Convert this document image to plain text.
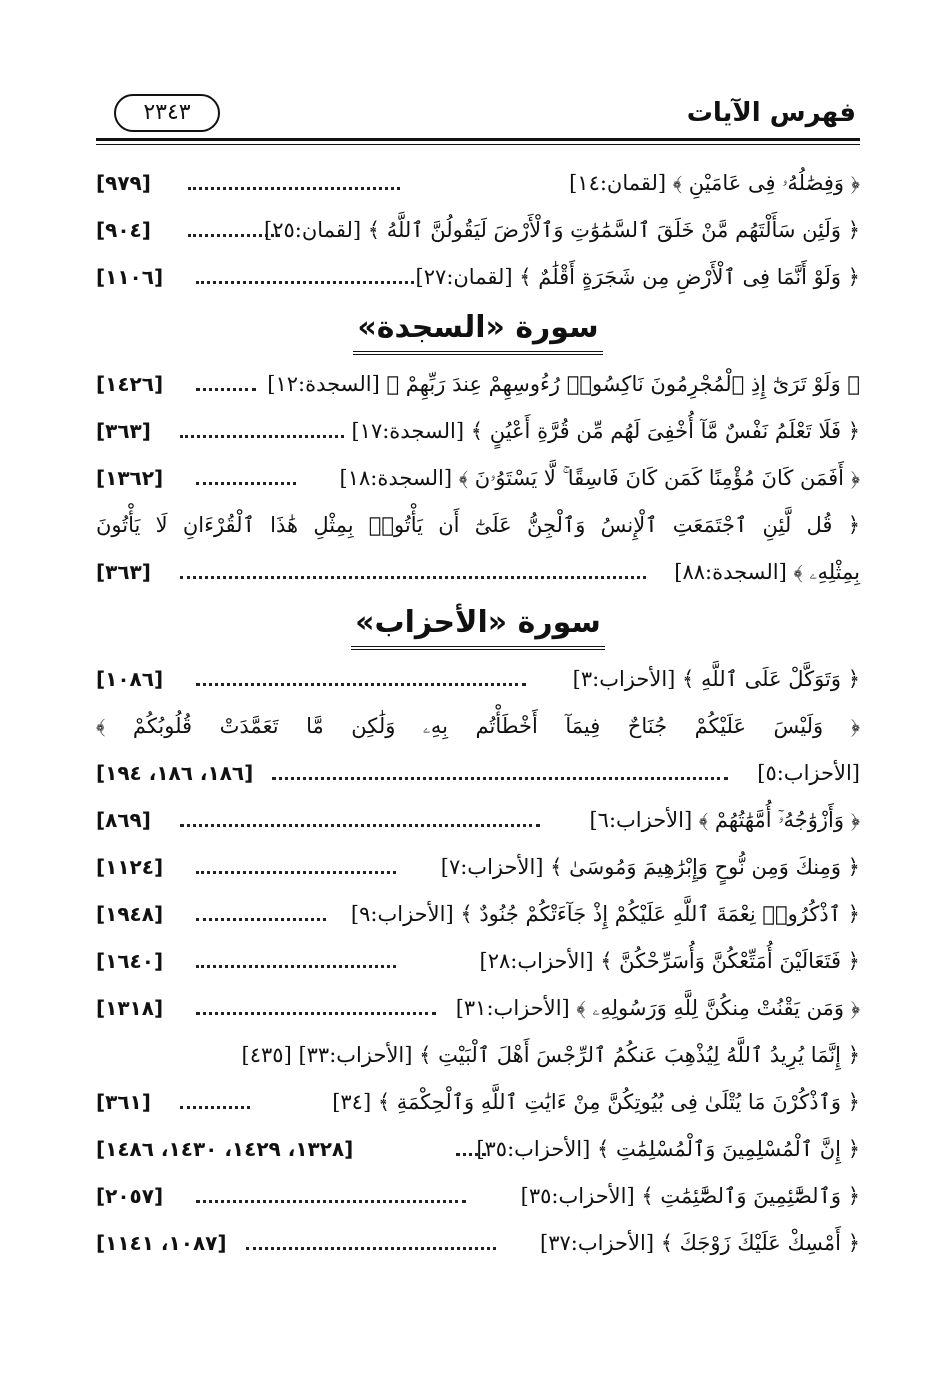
فهرس الآيات
٢٣٤٣
﴿ وَفِصَٰلُهُۥ فِى عَامَيْنِ ﴾ [لقمان:١٤]
[٩٧٩]
﴿ وَلَئِن سَأَلْتَهُم مَّنْ خَلَقَ ٱلسَّمَٰوَٰتِ وَٱلْأَرْضَ لَيَقُولُنَّ ٱللَّهُ ﴾ [لقمان:٢٥]
[٩٠٤]
﴿ وَلَوْ أَنَّمَا فِى ٱلْأَرْضِ مِن شَجَرَةٍ أَقْلَٰمٌ ﴾ [لقمان:٢٧]
[١١٠٦]
سورة «السجدة»
﴿ وَلَوْ تَرَىٰٓ إِذِ ٱلْمُجْرِمُونَ نَاكِسُوا۟ رُءُوسِهِمْ عِندَ رَبِّهِمْ ﴾ [السجدة:١٢]
[١٤٢٦]
﴿ فَلَا تَعْلَمُ نَفْسٌ مَّآ أُخْفِىَ لَهُم مِّن قُرَّةِ أَعْيُنٍ ﴾ [السجدة:١٧]
[٣٦٣]
﴿ أَفَمَن كَانَ مُؤْمِنًا كَمَن كَانَ فَاسِقًا ۚ لَّا يَسْتَوُۥنَ ﴾ [السجدة:١٨]
[١٣٦٢]
﴿ قُل لَّئِنِ ٱجْتَمَعَتِ ٱلْإِنسُ وَٱلْجِنُّ عَلَىٰٓ أَن يَأْتُوا۟ بِمِثْلِ هَٰذَا ٱلْقُرْءَانِ لَا يَأْتُونَ
بِمِثْلِهِۦ ﴾ [السجدة:٨٨]
[٣٦٣]
سورة «الأحزاب»
﴿ وَتَوَكَّلْ عَلَى ٱللَّهِ ﴾ [الأحزاب:٣]
[١٠٨٦]
﴿ وَلَيْسَ عَلَيْكُمْ جُنَاحٌ فِيمَآ أَخْطَأْتُم بِهِۦ وَلَٰكِن مَّا تَعَمَّدَتْ قُلُوبُكُمْ ﴾
[الأحزاب:٥]
[١٨٦، ١٨٦، ١٩٤]
﴿ وَأَزْوَٰجُهُۥٓ أُمَّهَٰتُهُمْ ﴾ [الأحزاب:٦]
[٨٦٩]
﴿ وَمِنكَ وَمِن نُّوحٍ وَإِبْرَٰهِيمَ وَمُوسَىٰ ﴾ [الأحزاب:٧]
[١١٢٤]
﴿ ٱذْكُرُوا۟ نِعْمَةَ ٱللَّهِ عَلَيْكُمْ إِذْ جَآءَتْكُمْ جُنُودٌ ﴾ [الأحزاب:٩]
[١٩٤٨]
﴿ فَتَعَالَيْنَ أُمَتِّعْكُنَّ وَأُسَرِّحْكُنَّ ﴾ [الأحزاب:٢٨]
[١٦٤٠]
﴿ وَمَن يَقْنُتْ مِنكُنَّ لِلَّهِ وَرَسُولِهِۦ ﴾ [الأحزاب:٣١]
[١٣١٨]
﴿ إِنَّمَا يُرِيدُ ٱللَّهُ لِيُذْهِبَ عَنكُمُ ٱلرِّجْسَ أَهْلَ ٱلْبَيْتِ ﴾ [الأحزاب:٣٣] [٤٣٥]
﴿ وَٱذْكُرْنَ مَا يُتْلَىٰ فِى بُيُوتِكُنَّ مِنْ ءَايَٰتِ ٱللَّهِ وَٱلْحِكْمَةِ ﴾ [٣٤]
[٣٦١]
﴿ إِنَّ ٱلْمُسْلِمِينَ وَٱلْمُسْلِمَٰتِ ﴾ [الأحزاب:٣٥]
[١٣٢٨، ١٤٢٩، ١٤٣٠، ١٤٨٦]
﴿ وَٱلصَّٰٓئِمِينَ وَٱلصَّٰٓئِمَٰتِ ﴾ [الأحزاب:٣٥]
[٢٠٥٧]
﴿ أَمْسِكْ عَلَيْكَ زَوْجَكَ ﴾ [الأحزاب:٣٧]
[١٠٨٧، ١١٤١]
